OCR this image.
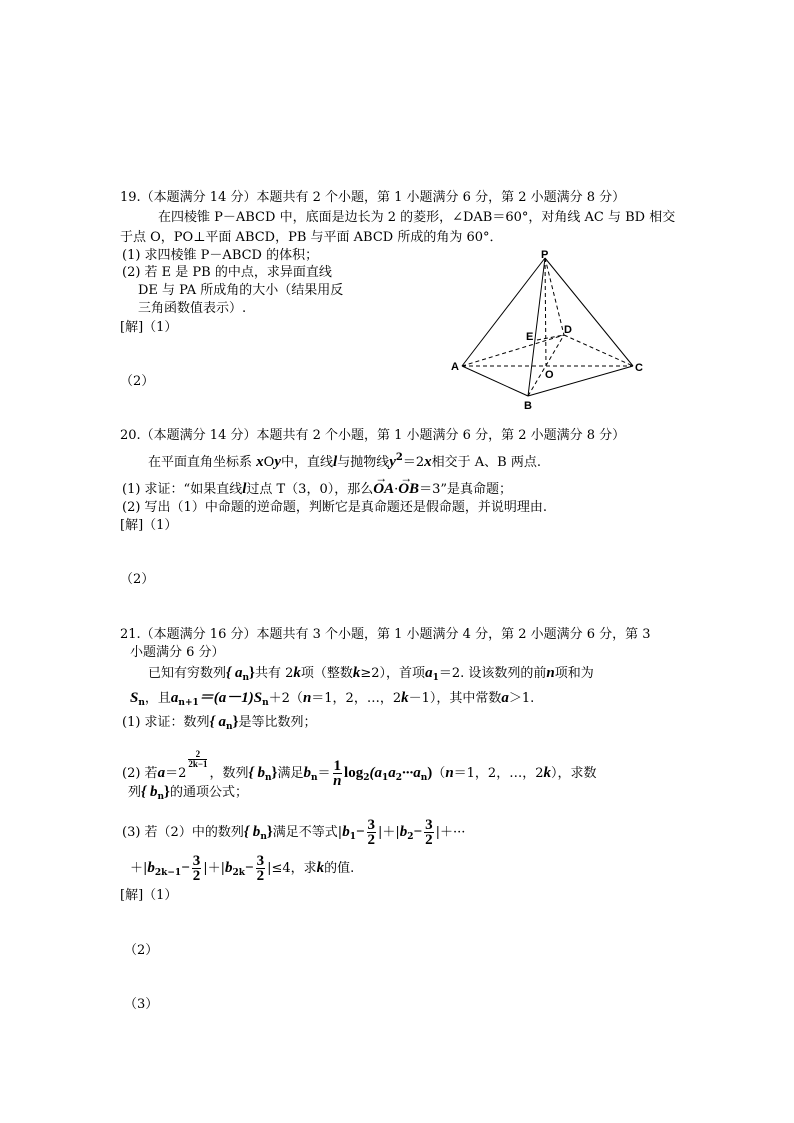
19.（本题满分 14 分）本题共有 2 个小题，第 1 小题满分 6 分，第 2 小题满分 8 分）
在四棱锥 P－ABCD 中，底面是边长为 2 的菱形，∠DAB＝60°，对角线 AC 与 BD 相交
于点 O，PO⊥平面 ABCD，PB 与平面 ABCD 所成的角为 60°．
(1) 求四棱锥 P－ABCD 的体积；
(2) 若 E 是 PB 的中点，求异面直线
DE 与 PA 所成角的大小（结果用反
三角函数值表示）.
[解]（1）
（2）
P
A
B
C
D
E
O
20.（本题满分 14 分）本题共有 2 个小题，第 1 小题满分 6 分，第 2 小题满分 8 分）
在平面直角坐标系 xOy中，直线l与抛物线$y^2=2x$相交于 A、B 两点.
(1) 求证：“如果直线l过点 T（3，0），那么→ OA·→ OB＝3”是真命题；
(2) 写出（1）中命题的逆命题，判断它是真命题还是假命题，并说明理由.
[解]（1）
（2）
21.（本题满分 16 分）本题共有 3 个小题，第 1 小题满分 4 分，第 2 小题满分 6 分，第 3
小题满分 6 分）
已知有穷数列{ $a_n$}共有 2k项（整数k≥2），首项$a_1=2$. 设该数列的前n项和为
$S_n$，且$a_{n+1}=(a-1)S_n+2(n=1$，2，…，2k－1），其中常数a＞1.
(1) 求证：数列{ $a_n$}是等比数列；
(2) 若a＝2
$\frac{2}{2k-1}$
，数列{ $b_n$}满足$b_n= \frac{1}{n} \log_2(a_1a_2\cdot\cdot\cdot a_n)(n=1$，2，…，2k），求数
列{ $b_n$}的通项公式；
(3) 若（2）中的数列{ $b_n$}满足不等式$|b_1- \frac{3}{2} |+|b_2- \frac{3}{2}$ |＋···
$+|b_{2k-1}- \frac{3}{2} |+|b_{2k}- \frac{3}{2} |\le 4$，求k的值.
[解]（1）
（2）
（3）
